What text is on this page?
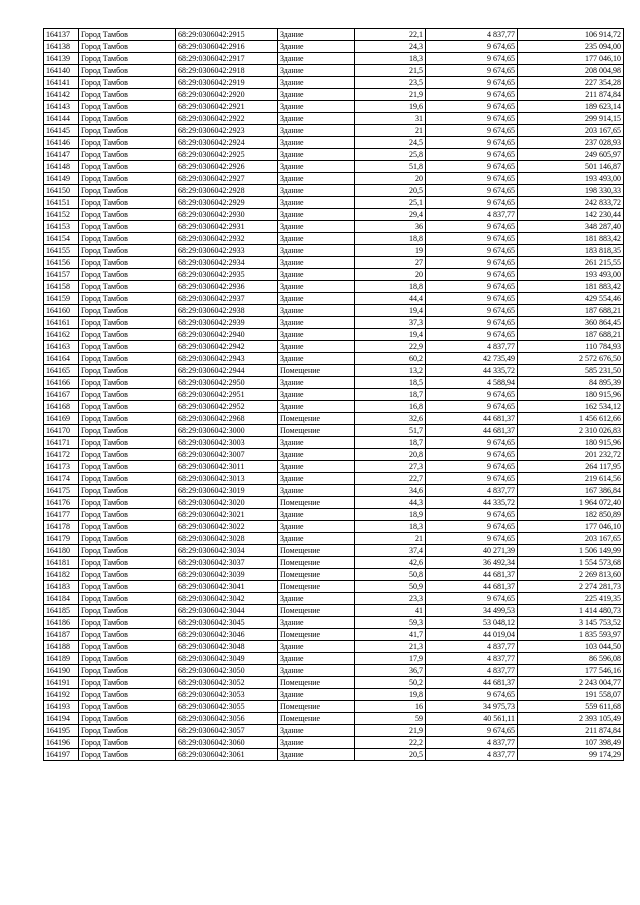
164137	Город Тамбов	68:29:0306042:2915	Здание	22,1	4 837,77	106 914,72
164138	Город Тамбов	68:29:0306042:2916	Здание	24,3	9 674,65	235 094,00
164139	Город Тамбов	68:29:0306042:2917	Здание	18,3	9 674,65	177 046,10
164140	Город Тамбов	68:29:0306042:2918	Здание	21,5	9 674,65	208 004,98
164141	Город Тамбов	68:29:0306042:2919	Здание	23,5	9 674,65	227 354,28
164142	Город Тамбов	68:29:0306042:2920	Здание	21,9	9 674,65	211 874,84
164143	Город Тамбов	68:29:0306042:2921	Здание	19,6	9 674,65	189 623,14
164144	Город Тамбов	68:29:0306042:2922	Здание	31	9 674,65	299 914,15
164145	Город Тамбов	68:29:0306042:2923	Здание	21	9 674,65	203 167,65
164146	Город Тамбов	68:29:0306042:2924	Здание	24,5	9 674,65	237 028,93
164147	Город Тамбов	68:29:0306042:2925	Здание	25,8	9 674,65	249 605,97
164148	Город Тамбов	68:29:0306042:2926	Здание	51,8	9 674,65	501 146,87
164149	Город Тамбов	68:29:0306042:2927	Здание	20	9 674,65	193 493,00
164150	Город Тамбов	68:29:0306042:2928	Здание	20,5	9 674,65	198 330,33
164151	Город Тамбов	68:29:0306042:2929	Здание	25,1	9 674,65	242 833,72
164152	Город Тамбов	68:29:0306042:2930	Здание	29,4	4 837,77	142 230,44
164153	Город Тамбов	68:29:0306042:2931	Здание	36	9 674,65	348 287,40
164154	Город Тамбов	68:29:0306042:2932	Здание	18,8	9 674,65	181 883,42
164155	Город Тамбов	68:29:0306042:2933	Здание	19	9 674,65	183 818,35
164156	Город Тамбов	68:29:0306042:2934	Здание	27	9 674,65	261 215,55
164157	Город Тамбов	68:29:0306042:2935	Здание	20	9 674,65	193 493,00
164158	Город Тамбов	68:29:0306042:2936	Здание	18,8	9 674,65	181 883,42
164159	Город Тамбов	68:29:0306042:2937	Здание	44,4	9 674,65	429 554,46
164160	Город Тамбов	68:29:0306042:2938	Здание	19,4	9 674,65	187 688,21
164161	Город Тамбов	68:29:0306042:2939	Здание	37,3	9 674,65	360 864,45
164162	Город Тамбов	68:29:0306042:2940	Здание	19,4	9 674,65	187 688,21
164163	Город Тамбов	68:29:0306042:2942	Здание	22,9	4 837,77	110 784,93
164164	Город Тамбов	68:29:0306042:2943	Здание	60,2	42 735,49	2 572 676,50
164165	Город Тамбов	68:29:0306042:2944	Помещение	13,2	44 335,72	585 231,50
164166	Город Тамбов	68:29:0306042:2950	Здание	18,5	4 588,94	84 895,39
164167	Город Тамбов	68:29:0306042:2951	Здание	18,7	9 674,65	180 915,96
164168	Город Тамбов	68:29:0306042:2952	Здание	16,8	9 674,65	162 534,12
164169	Город Тамбов	68:29:0306042:2968	Помещение	32,6	44 681,37	1 456 612,66
164170	Город Тамбов	68:29:0306042:3000	Помещение	51,7	44 681,37	2 310 026,83
164171	Город Тамбов	68:29:0306042:3003	Здание	18,7	9 674,65	180 915,96
164172	Город Тамбов	68:29:0306042:3007	Здание	20,8	9 674,65	201 232,72
164173	Город Тамбов	68:29:0306042:3011	Здание	27,3	9 674,65	264 117,95
164174	Город Тамбов	68:29:0306042:3013	Здание	22,7	9 674,65	219 614,56
164175	Город Тамбов	68:29:0306042:3019	Здание	34,6	4 837,77	167 386,84
164176	Город Тамбов	68:29:0306042:3020	Помещение	44,3	44 335,72	1 964 072,40
164177	Город Тамбов	68:29:0306042:3021	Здание	18,9	9 674,65	182 850,89
164178	Город Тамбов	68:29:0306042:3022	Здание	18,3	9 674,65	177 046,10
164179	Город Тамбов	68:29:0306042:3028	Здание	21	9 674,65	203 167,65
164180	Город Тамбов	68:29:0306042:3034	Помещение	37,4	40 271,39	1 506 149,99
164181	Город Тамбов	68:29:0306042:3037	Помещение	42,6	36 492,34	1 554 573,68
164182	Город Тамбов	68:29:0306042:3039	Помещение	50,8	44 681,37	2 269 813,60
164183	Город Тамбов	68:29:0306042:3041	Помещение	50,9	44 681,37	2 274 281,73
164184	Город Тамбов	68:29:0306042:3042	Здание	23,3	9 674,65	225 419,35
164185	Город Тамбов	68:29:0306042:3044	Помещение	41	34 499,53	1 414 480,73
164186	Город Тамбов	68:29:0306042:3045	Здание	59,3	53 048,12	3 145 753,52
164187	Город Тамбов	68:29:0306042:3046	Помещение	41,7	44 019,04	1 835 593,97
164188	Город Тамбов	68:29:0306042:3048	Здание	21,3	4 837,77	103 044,50
164189	Город Тамбов	68:29:0306042:3049	Здание	17,9	4 837,77	86 596,08
164190	Город Тамбов	68:29:0306042:3050	Здание	36,7	4 837,77	177 546,16
164191	Город Тамбов	68:29:0306042:3052	Помещение	50,2	44 681,37	2 243 004,77
164192	Город Тамбов	68:29:0306042:3053	Здание	19,8	9 674,65	191 558,07
164193	Город Тамбов	68:29:0306042:3055	Помещение	16	34 975,73	559 611,68
164194	Город Тамбов	68:29:0306042:3056	Помещение	59	40 561,11	2 393 105,49
164195	Город Тамбов	68:29:0306042:3057	Здание	21,9	9 674,65	211 874,84
164196	Город Тамбов	68:29:0306042:3060	Здание	22,2	4 837,77	107 398,49
164197	Город Тамбов	68:29:0306042:3061	Здание	20,5	4 837,77	99 174,29
